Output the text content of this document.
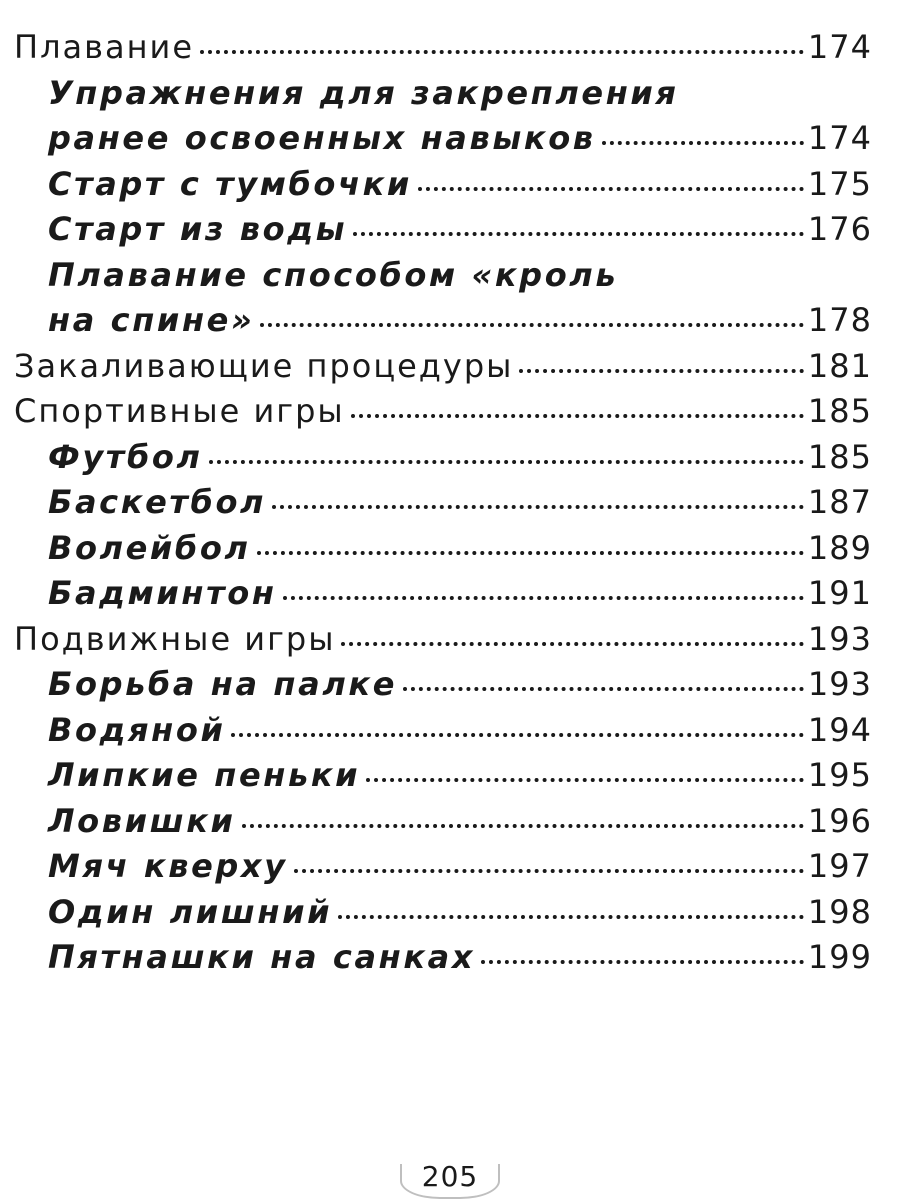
Плавание	174
Упражнения для закрепления
ранее освоенных навыков	174
Старт с тумбочки	175
Старт из воды	176
Плавание способом «кроль
на спине»	178
Закаливающие процедуры	181
Спортивные игры	185
Футбол	185
Баскетбол	187
Волейбол	189
Бадминтон	191
Подвижные игры	193
Борьба на палке	193
Водяной	194
Липкие пеньки	195
Ловишки	196
Мяч кверху	197
Один лишний	198
Пятнашки на санках	199
205
